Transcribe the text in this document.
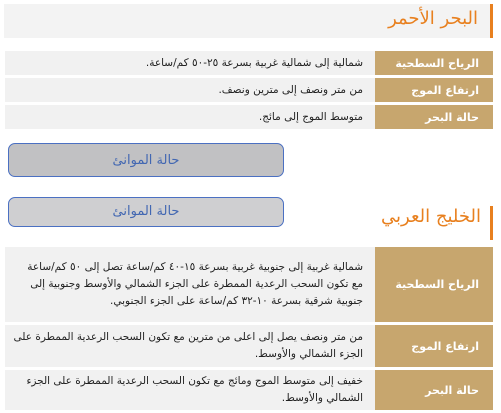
البحر الأحمر
الرياح السطحية	شمالية إلى شمالية غربية بسرعة ٢٥-٥٠ كم/ساعة.
ارتفاع الموج	من متر ونصف إلى مترين ونصف.
حالة البحر	متوسط الموج إلى مائج.
حالة الموانئ
الخليج العربي
حالة الموانئ
الرياح السطحية	شمالية غربية إلى جنوبية غربية بسرعة ١٥-٤٠ كم/ساعة تصل إلى ٥٠ كم/ساعة مع تكون السحب الرعدية الممطرة على الجزء الشمالي والأوسط وجنوبية إلى جنوبية شرقية بسرعة ١٠-٣٢ كم/ساعة على الجزء الجنوبي.
ارتفاع الموج	من متر ونصف يصل إلى اعلى من مترين مع تكون السحب الرعدية الممطرة على الجزء الشمالي والأوسط.
حالة البحر	خفيف إلى متوسط الموج ومائج مع تكون السحب الرعدية الممطرة على الجزء الشمالي والأوسط.
